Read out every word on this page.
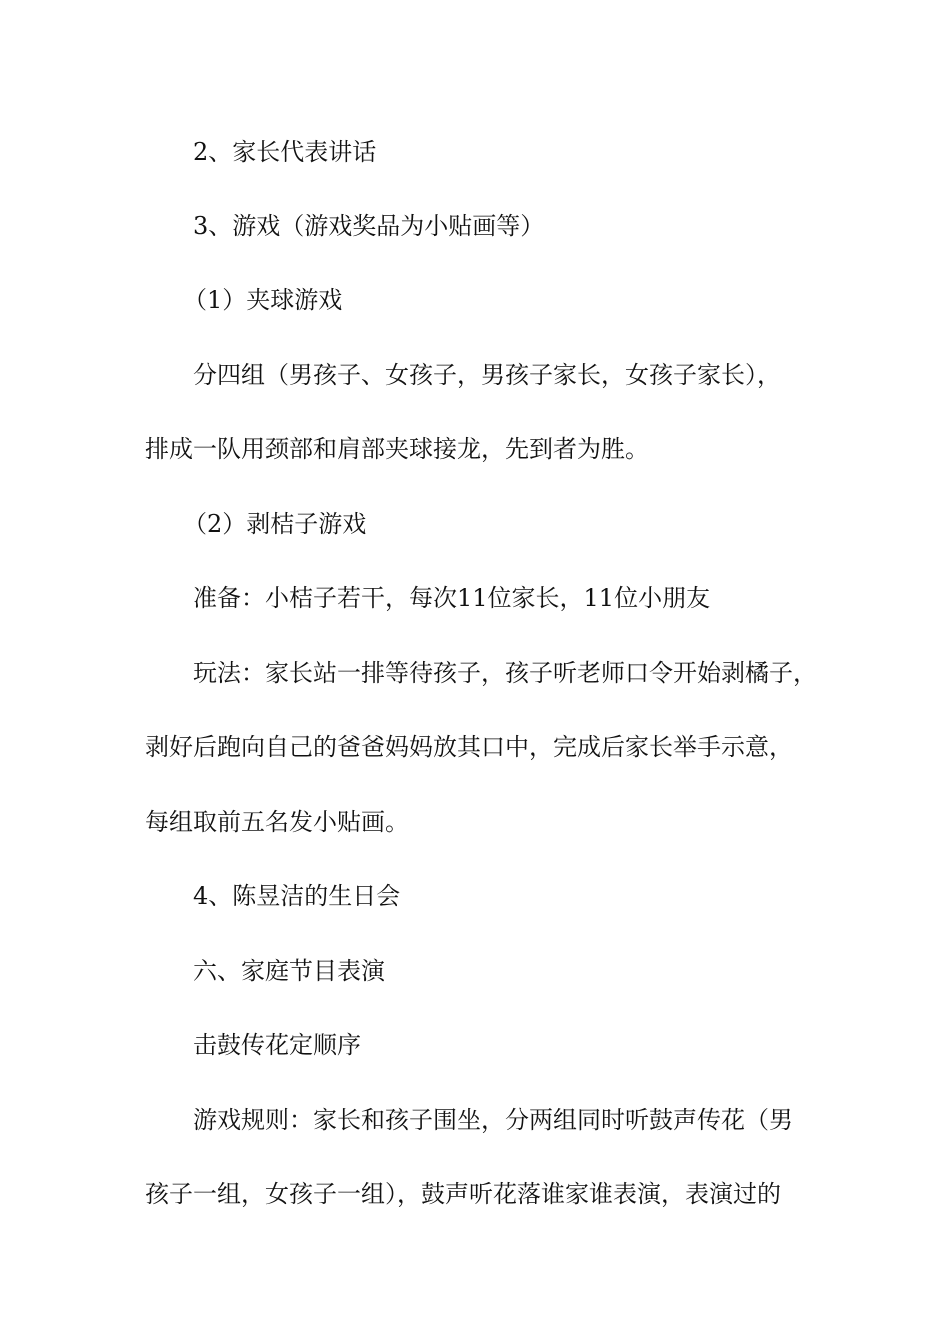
2、家长代表讲话
3、游戏（游戏奖品为小贴画等）
（1）夹球游戏
分四组（男孩子、女孩子，男孩子家长，女孩子家长），
排成一队用颈部和肩部夹球接龙，先到者为胜。
（2）剥桔子游戏
准备：小桔子若干，每次11位家长，11位小朋友
玩法：家长站一排等待孩子，孩子听老师口令开始剥橘子，
剥好后跑向自己的爸爸妈妈放其口中，完成后家长举手示意，
每组取前五名发小贴画。
4、陈昱洁的生日会
六、家庭节目表演
击鼓传花定顺序
游戏规则：家长和孩子围坐，分两组同时听鼓声传花（男
孩子一组，女孩子一组），鼓声听花落谁家谁表演，表演过的
